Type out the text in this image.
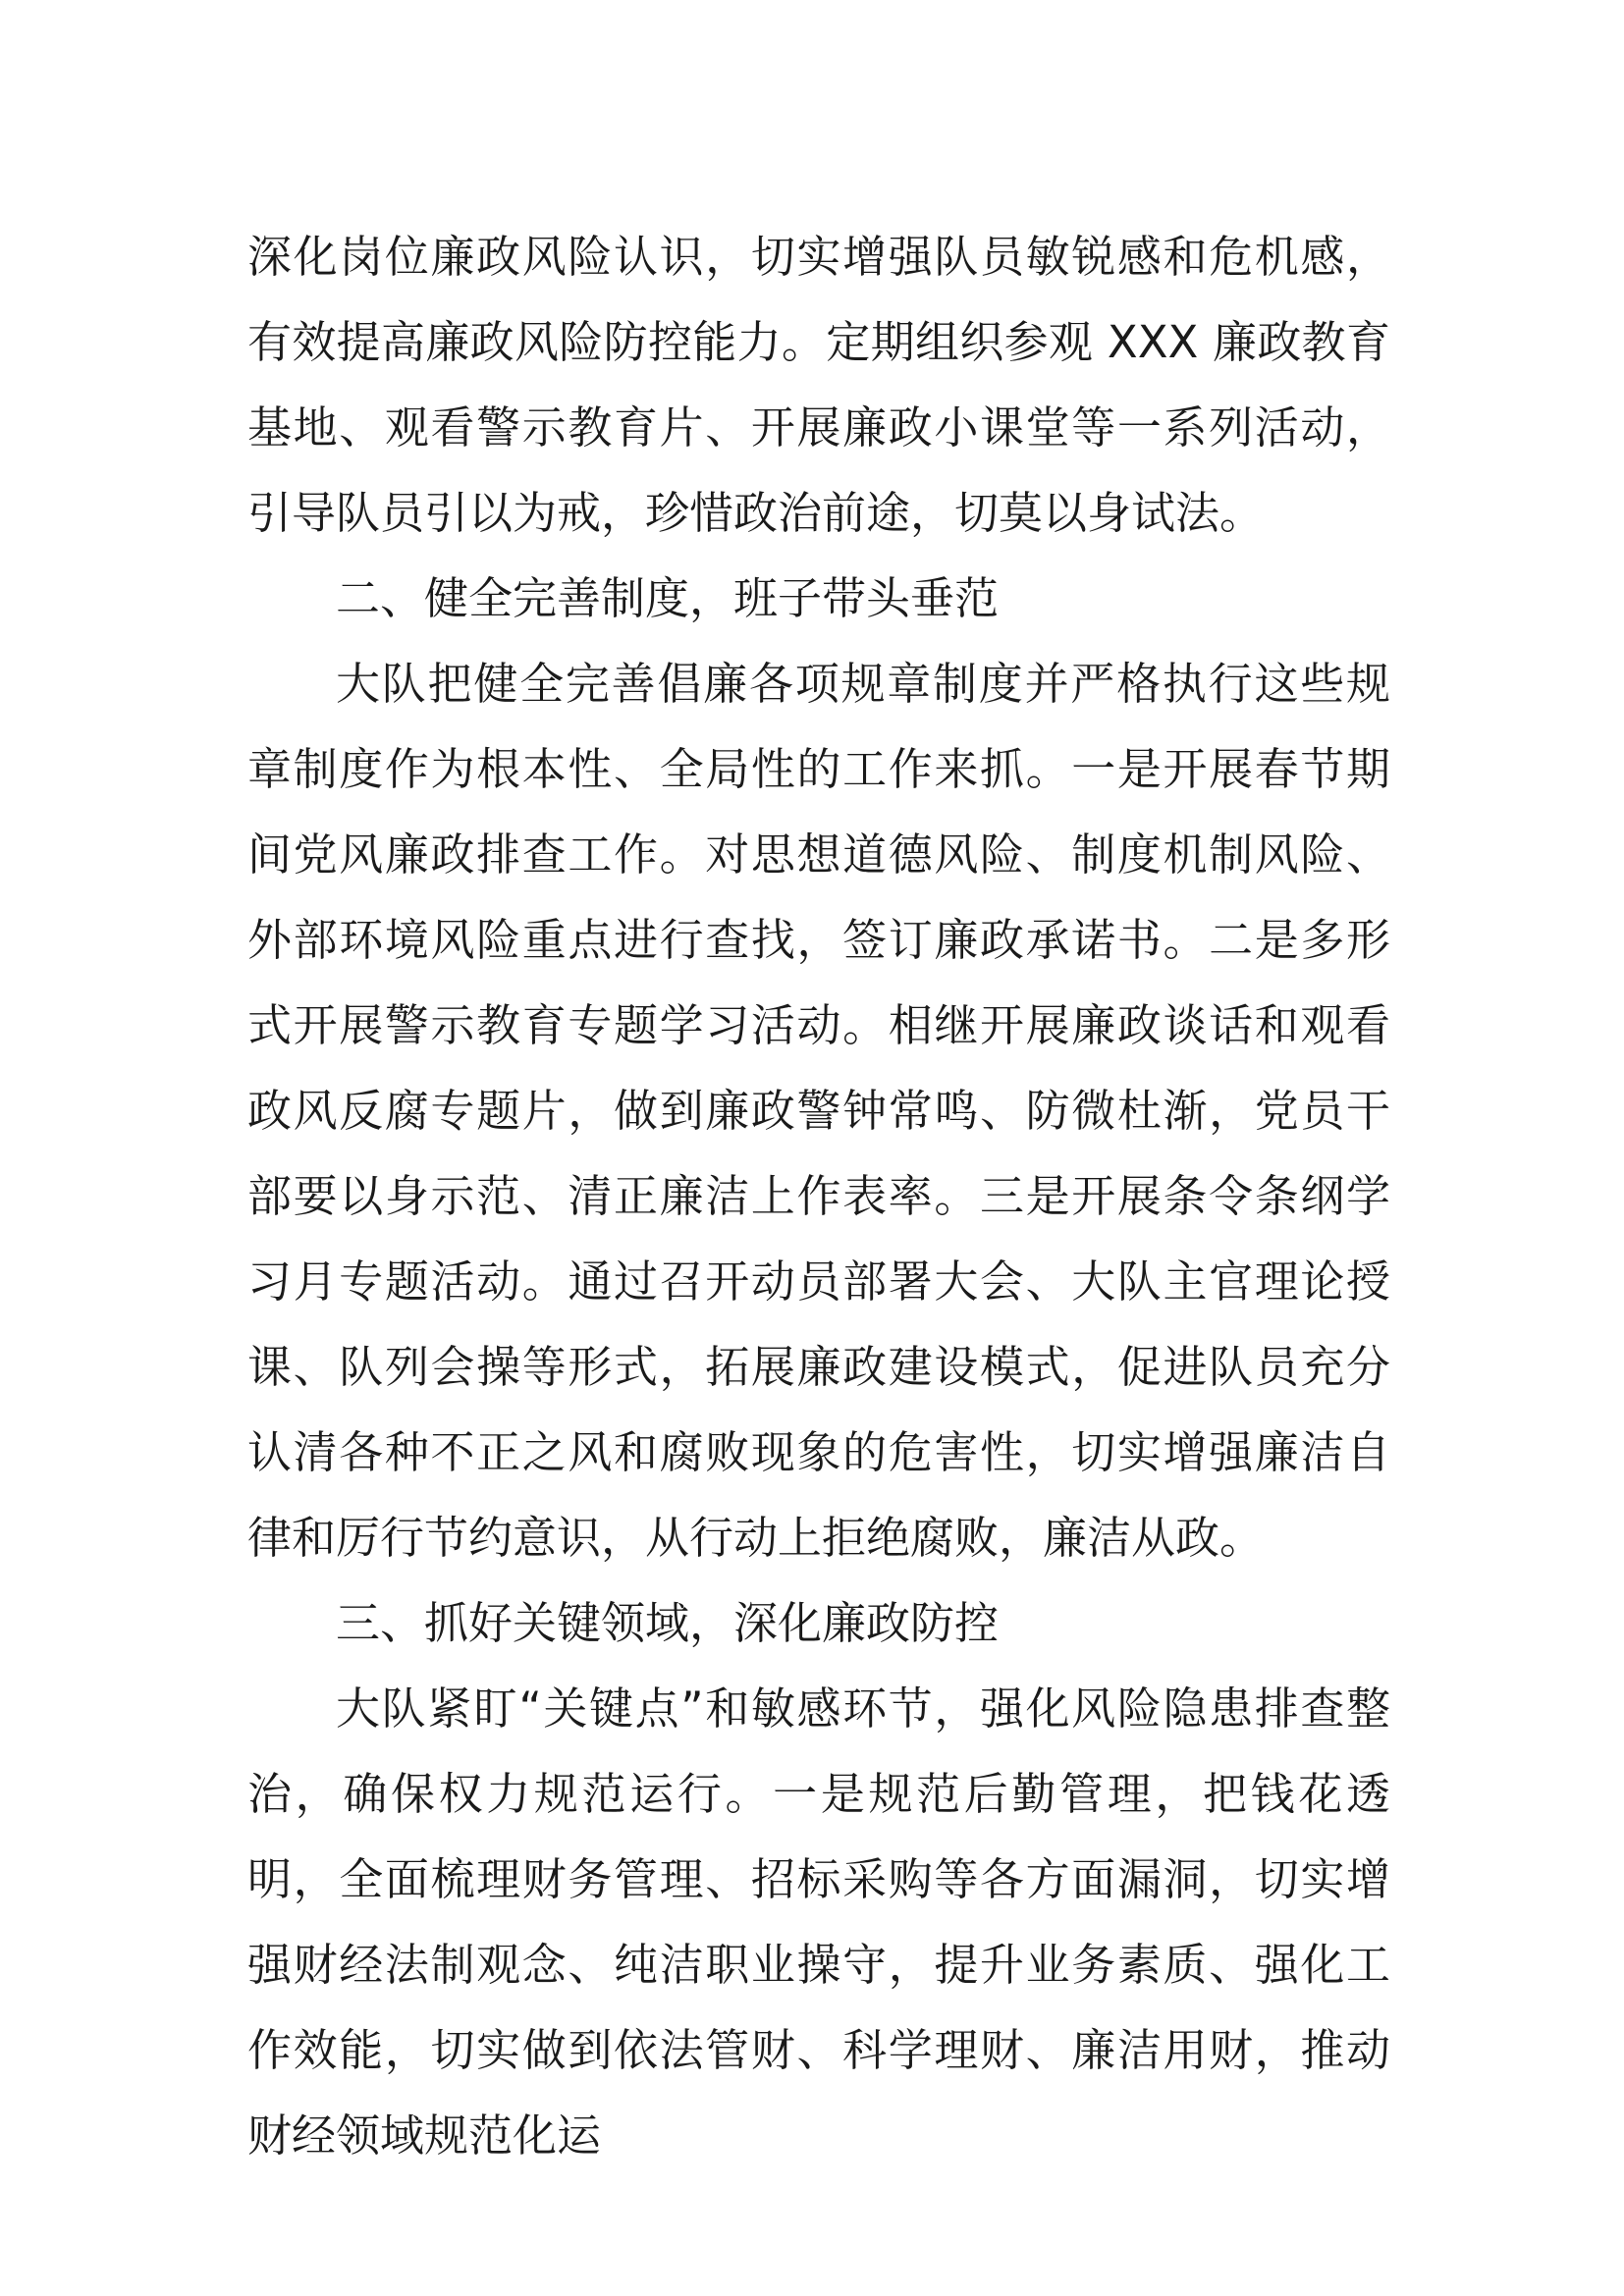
深化岗位廉政风险认识，切实增强队员敏锐感和危机感，有效提高廉政风险防控能力。定期组织参观 XXX 廉政教育基地、观看警示教育片、开展廉政小课堂等一系列活动，引导队员引以为戒，珍惜政治前途，切莫以身试法。

二、健全完善制度，班子带头垂范

大队把健全完善倡廉各项规章制度并严格执行这些规章制度作为根本性、全局性的工作来抓。一是开展春节期间党风廉政排查工作。对思想道德风险、制度机制风险、外部环境风险重点进行查找，签订廉政承诺书。二是多形式开展警示教育专题学习活动。相继开展廉政谈话和观看政风反腐专题片，做到廉政警钟常鸣、防微杜渐，党员干部要以身示范、清正廉洁上作表率。三是开展条令条纲学习月专题活动。通过召开动员部署大会、大队主官理论授课、队列会操等形式，拓展廉政建设模式，促进队员充分认清各种不正之风和腐败现象的危害性，切实增强廉洁自律和厉行节约意识，从行动上拒绝腐败，廉洁从政。

三、抓好关键领域，深化廉政防控

大队紧盯“关键点”和敏感环节，强化风险隐患排查整治，确保权力规范运行。一是规范后勤管理，把钱花透明，全面梳理财务管理、招标采购等各方面漏洞，切实增强财经法制观念、纯洁职业操守，提升业务素质、强化工作效能，切实做到依法管财、科学理财、廉洁用财，推动财经领域规范化运
